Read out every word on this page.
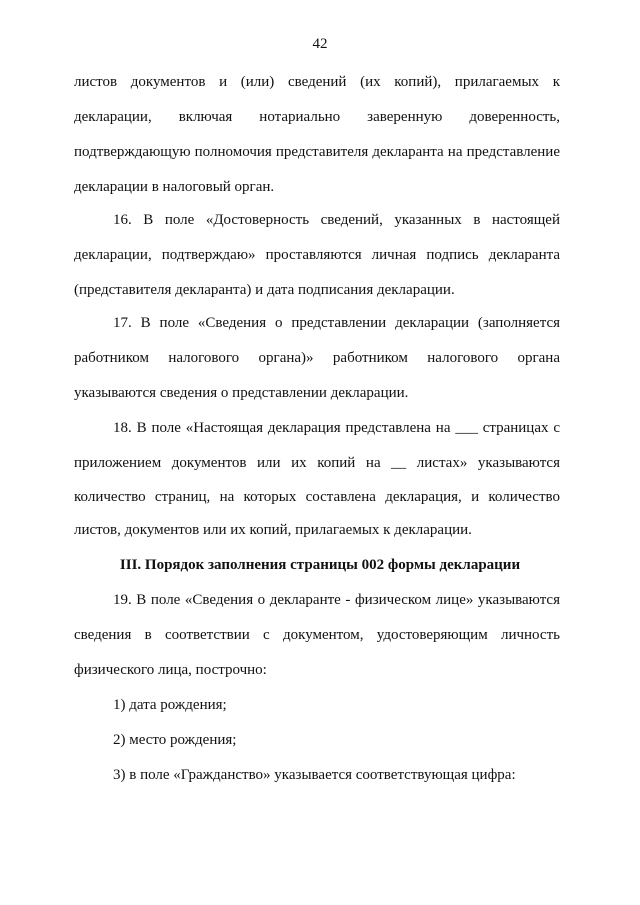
42
листов документов и (или) сведений (их копий), прилагаемых к
декларации, включая нотариально заверенную доверенность,
подтверждающую полномочия представителя декларанта на представление
декларации в налоговый орган.
16. В поле «Достоверность сведений, указанных в настоящей
декларации, подтверждаю» проставляются личная подпись декларанта
(представителя декларанта) и дата подписания декларации.
17. В поле «Сведения о представлении декларации (заполняется
работником налогового органа)» работником налогового органа
указываются сведения о представлении декларации.
18. В поле «Настоящая декларация представлена на ___ страницах с
приложением документов или их копий на __ листах» указываются
количество страниц, на которых составлена декларация, и количество
листов, документов или их копий, прилагаемых к декларации.
III. Порядок заполнения страницы 002 формы декларации
19. В поле «Сведения о декларанте - физическом лице» указываются
сведения в соответствии с документом, удостоверяющим личность
физического лица, построчно:
1) дата рождения;
2) место рождения;
3) в поле «Гражданство» указывается соответствующая цифра:
